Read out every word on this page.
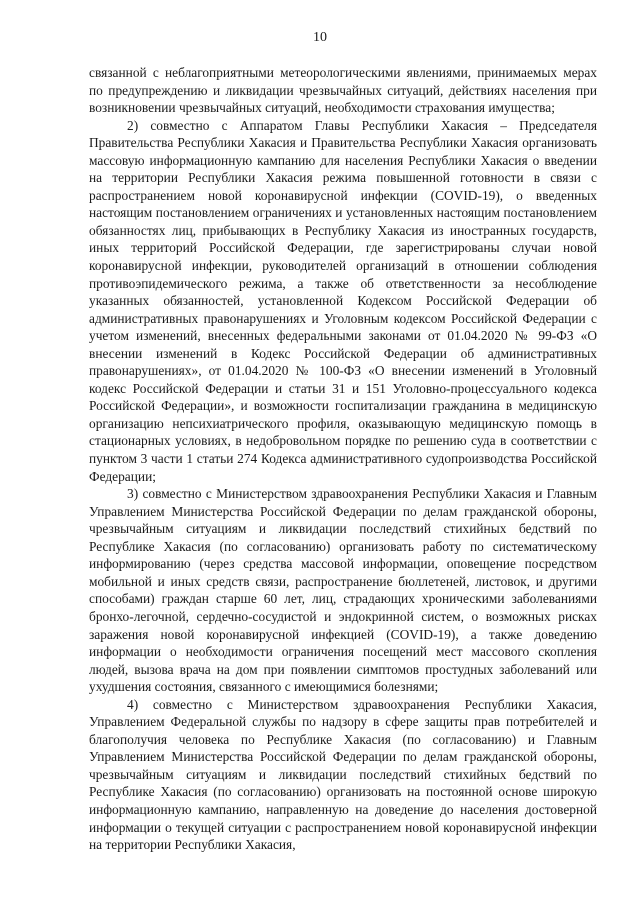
10

связанной с неблагоприятными метеорологическими явлениями, принимаемых мерах по предупреждению и ликвидации чрезвычайных ситуаций, действиях населения при возникновении чрезвычайных ситуаций, необходимости страхования имущества;

2) совместно с Аппаратом Главы Республики Хакасия – Председателя Правительства Республики Хакасия и Правительства Республики Хакасия организовать массовую информационную кампанию для населения Республики Хакасия о введении на территории Республики Хакасия режима повышенной готовности в связи с распространением новой коронавирусной инфекции (COVID-19), о введенных настоящим постановлением ограничениях и установленных настоящим постановлением обязанностях лиц, прибывающих в Республику Хакасия из иностранных государств, иных территорий Российской Федерации, где зарегистрированы случаи новой коронавирусной инфекции, руководителей организаций в отношении соблюдения противоэпидемического режима, а также об ответственности за несоблюдение указанных обязанностей, установленной Кодексом Российской Федерации об административных правонарушениях и Уголовным кодексом Российской Федерации с учетом изменений, внесенных федеральными законами от 01.04.2020 № 99-ФЗ «О внесении изменений в Кодекс Российской Федерации об административных правонарушениях», от 01.04.2020 № 100-ФЗ «О внесении изменений в Уголовный кодекс Российской Федерации и статьи 31 и 151 Уголовно-процессуального кодекса Российской Федерации», и возможности госпитализации гражданина в медицинскую организацию непсихиатрического профиля, оказывающую медицинскую помощь в стационарных условиях, в недобровольном порядке по решению суда в соответствии с пунктом 3 части 1 статьи 274 Кодекса административного судопроизводства Российской Федерации;

3) совместно с Министерством здравоохранения Республики Хакасия и Главным Управлением Министерства Российской Федерации по делам гражданской обороны, чрезвычайным ситуациям и ликвидации последствий стихийных бедствий по Республике Хакасия (по согласованию) организовать работу по систематическому информированию (через средства массовой информации, оповещение посредством мобильной и иных средств связи, распространение бюллетеней, листовок, и другими способами) граждан старше 60 лет, лиц, страдающих хроническими заболеваниями бронхо-легочной, сердечно-сосудистой и эндокринной систем, о возможных рисках заражения новой коронавирусной инфекцией (COVID-19), а также доведению информации о необходимости ограничения посещений мест массового скопления людей, вызова врача на дом при появлении симптомов простудных заболеваний или ухудшения состояния, связанного с имеющимися болезнями;

4) совместно с Министерством здравоохранения Республики Хакасия, Управлением Федеральной службы по надзору в сфере защиты прав потребителей и благополучия человека по Республике Хакасия (по согласованию) и Главным Управлением Министерства Российской Федерации по делам гражданской обороны, чрезвычайным ситуациям и ликвидации последствий стихийных бедствий по Республике Хакасия (по согласованию) организовать на постоянной основе широкую информационную кампанию, направленную на доведение до населения достоверной информации о текущей ситуации с распространением новой коронавирусной инфекции на территории Республики Хакасия,
